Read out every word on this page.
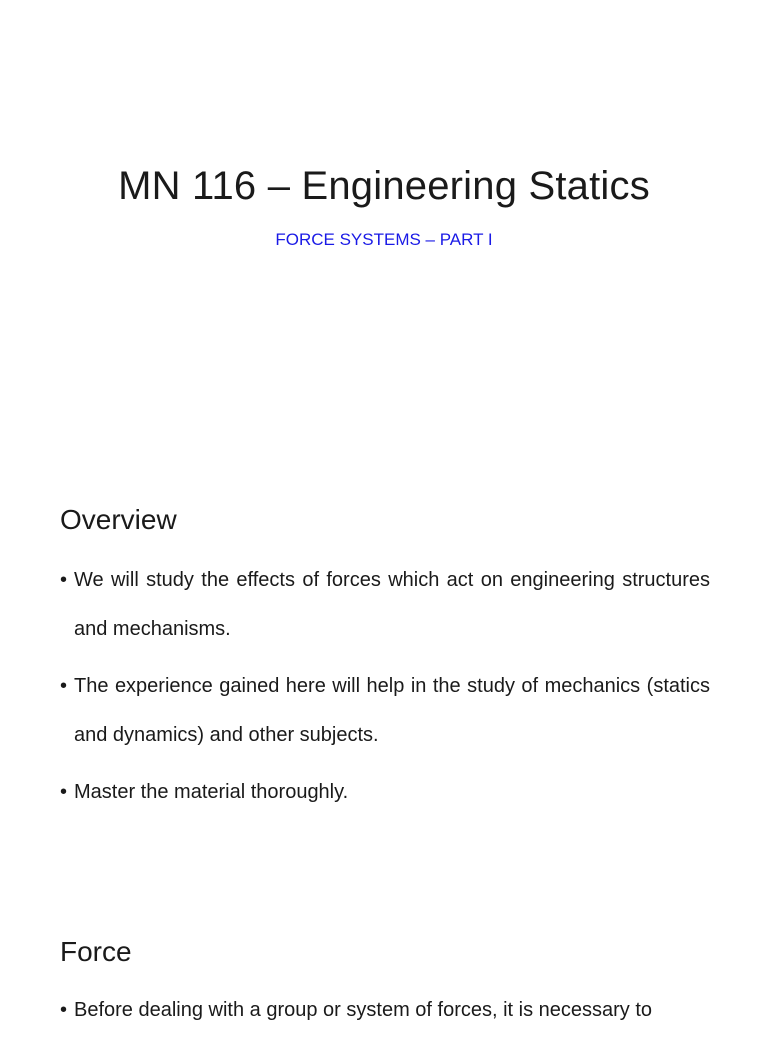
MN 116 – Engineering Statics

FORCE SYSTEMS – PART I

Overview
• We will study the effects of forces which act on engineering structures and mechanisms.
• The experience gained here will help in the study of mechanics (statics and dynamics) and other subjects.
• Master the material thoroughly.
Force
• Before dealing with a group or system of forces, it is necessary to
